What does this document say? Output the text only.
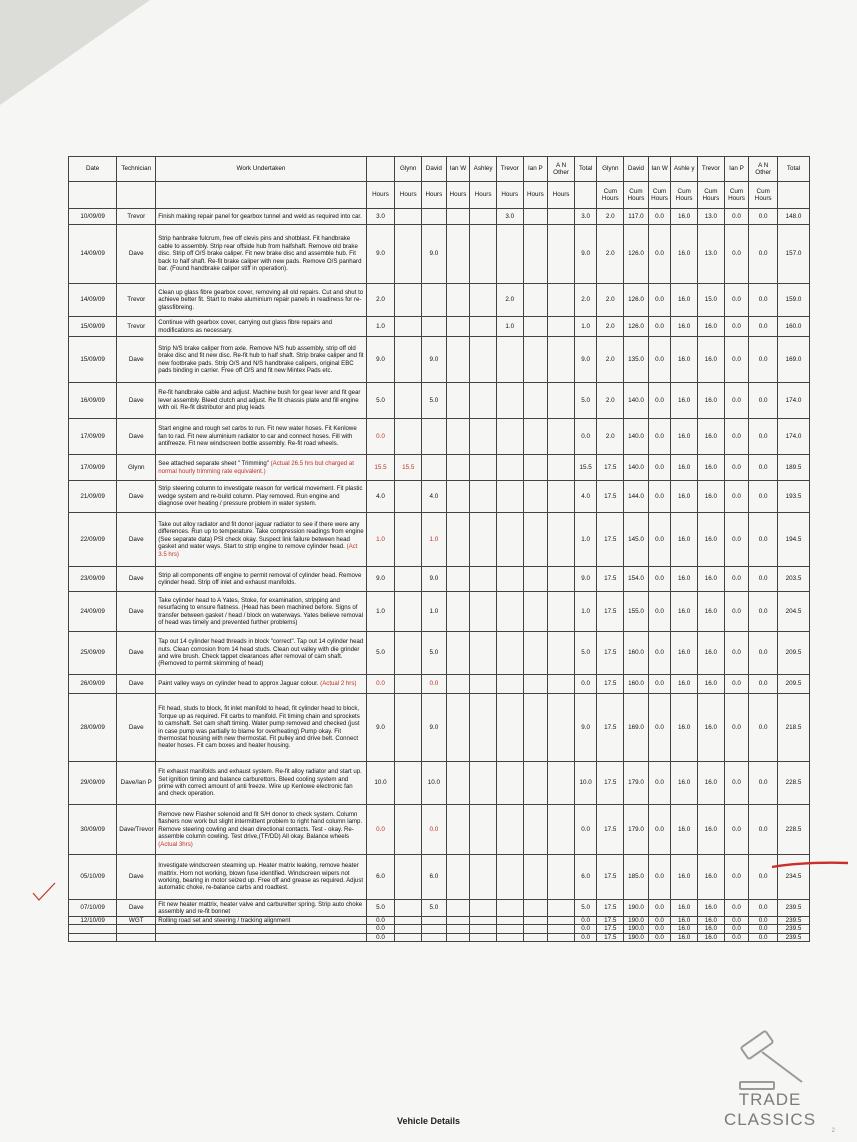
Date	Technician	Work Undertaken		Glynn	David	Ian W	Ashley	Trevor	Ian P	A N Other	Total	Glynn	David	Ian W	Ashle y	Trevor	Ian P	A N Other	Total
			Hours	Hours	Hours	Hours	Hours	Hours	Hours	Hours		Cum Hours	Cum Hours	Cum Hours	Cum Hours	Cum Hours	Cum Hours	Cum Hours	
10/09/09	Trevor	Finish making repair panel for gearbox tunnel and weld as required into car.	3.0					3.0			3.0	2.0	117.0	0.0	16.0	13.0	0.0	0.0	148.0
14/09/09	Dave	Strip hanbrake fulcrum, free off clevis pins and shotblast. Fit handbrake cable to assembly. Strip rear offside hub from halfshaft. Remove old brake disc. Strip off O/S brake caliper. Fit new brake disc and assemble hub. Fit back to half shaft. Re-fit brake caliper with new pads. Remove O/S panhard bar. (Found handbrake caliper stiff in operation).	9.0		9.0						9.0	2.0	126.0	0.0	16.0	13.0	0.0	0.0	157.0
14/09/09	Trevor	Clean up glass fibre gearbox cover, removing all old repairs. Cut and shut to achieve better fit. Start to make aluminium repair panels in readiness for re-glassfibreing.	2.0					2.0			2.0	2.0	126.0	0.0	16.0	15.0	0.0	0.0	159.0
15/09/09	Trevor	Continue with gearbox cover, carrying out glass fibre repairs and modifications as necessary.	1.0					1.0			1.0	2.0	126.0	0.0	16.0	16.0	0.0	0.0	160.0
15/09/09	Dave	Strip N/S brake caliper from axle. Remove N/S hub assembly, strip off old brake disc and fit new disc. Re-fit hub to half shaft. Strip brake caliper and fit new footbrake pads. Strip O/S and N/S handbrake calipers, original EBC pads binding in carrier. Free off O/S and fit new Mintex Pads etc.	9.0		9.0						9.0	2.0	135.0	0.0	16.0	16.0	0.0	0.0	169.0
16/09/09	Dave	Re-fit handbrake cable and adjust. Machine bush for gear lever and fit gear lever assembly. Bleed clutch and adjust. Re fit chassis plate and fill engine with oil. Re-fit distributor and plug leads	5.0		5.0						5.0	2.0	140.0	0.0	16.0	16.0	0.0	0.0	174.0
17/09/09	Dave	Start engine and rough set carbs to run. Fit new water hoses. Fit Kenlowe fan to rad. Fit new aluminium radiator to car and connect hoses. Fill with antifreeze. Fit new windscreen bottle assembly. Re-fit road wheels.	0.0								0.0	2.0	140.0	0.0	16.0	16.0	0.0	0.0	174.0
17/09/09	Glynn	See attached separate sheet " Trimming" (Actual 26.5 hrs but charged at normal hourly trimming rate equivalent.)	15.5	15.5							15.5	17.5	140.0	0.0	16.0	16.0	0.0	0.0	189.5
21/09/09	Dave	Strip steering column to investigate reason for vertical movement. Fit plastic wedge system and re-build column. Play removed. Run engine and diagnose over heating / pressure problem in water system.	4.0		4.0						4.0	17.5	144.0	0.0	16.0	16.0	0.0	0.0	193.5
22/09/09	Dave	Take out alloy radiator and fit donor jaguar radiator to see if there were any differences. Run up to temperature. Take compression readings from engine (See separate data) PSI check okay. Suspect link failure between head gasket and water ways. Start to strip engine to remove cylinder head. (Act 3.5 hrs)	1.0		1.0						1.0	17.5	145.0	0.0	16.0	16.0	0.0	0.0	194.5
23/09/09	Dave	Strip all components off engine to permit removal of cylinder head. Remove cylinder head. Strip off inlet and exhaust manifolds.	9.0		9.0						9.0	17.5	154.0	0.0	16.0	16.0	0.0	0.0	203.5
24/09/09	Dave	Take cylinder head to A Yates, Stoke, for examination, stripping and resurfacing to ensure flatness. (Head has been machined before. Signs of transfer between gasket / head / block on waterways. Yates believe removal of head was timely and prevented further problems)	1.0		1.0						1.0	17.5	155.0	0.0	16.0	16.0	0.0	0.0	204.5
25/09/09	Dave	Tap out 14 cylinder head threads in block "correct". Tap out 14 cylinder head nuts. Clean corrosion from 14 head studs. Clean out valley with die grinder and wire brush. Check tappet clearances after removal of cam shaft. (Removed to permit skimming of head)	5.0		5.0						5.0	17.5	160.0	0.0	16.0	16.0	0.0	0.0	209.5
26/09/09	Dave	Paint valley ways on cylinder head to approx Jaguar colour. (Actual 2 hrs)	0.0		0.0						0.0	17.5	160.0	0.0	16.0	16.0	0.0	0.0	209.5
28/09/09	Dave	Fit head, studs to block, fit inlet manifold to head, fit cylinder head to block, Torque up as required. Fit carbs to manifold. Fit timing chain and sprockets to camshaft. Set cam shaft timing. Water pump removed and checked (just in case pump was partially to blame for overheating) Pump okay. Fit thermostat housing with new thermostat. Fit pulley and drive belt. Connect heater hoses. Fit cam boxes and heater housing.	9.0		9.0						9.0	17.5	169.0	0.0	16.0	16.0	0.0	0.0	218.5
29/09/09	Dave/Ian P	Fit exhaust manifolds and exhaust system. Re-fit alloy radiator and start up. Set ignition timing and balance carburettors. Bleed cooling system and prime with correct amount of anti freeze. Wire up Kenlowe electronic fan and check operation.	10.0		10.0						10.0	17.5	179.0	0.0	16.0	16.0	0.0	0.0	228.5
30/09/09	Dave/Trevor	Remove new Flasher solenoid and fit S/H donor to check system. Column flashers now work but slight intermittent problem to right hand column lamp. Remove steering cowling and clean directional contacts. Test - okay. Re-assemble column cowling. Test drive,(TF/DD) All okay. Balance wheels (Actual 3hrs)	0.0		0.0						0.0	17.5	179.0	0.0	16.0	16.0	0.0	0.0	228.5
05/10/09	Dave	Investigate windscreen steaming up. Heater matrix leaking, remove heater mattrix. Horn not working, blown fuse identified. Windscreen wipers not working, bearing in motor seized up. Free off and grease as required. Adjust automatic choke, re-balance carbs and roadtest.	6.0		6.0						6.0	17.5	185.0	0.0	16.0	16.0	0.0	0.0	234.5
07/10/09	Dave	Fit new heater mattrix, heater valve and carburetter spring. Strip auto choke assembly and re-fit bonnet	5.0		5.0						5.0	17.5	190.0	0.0	16.0	16.0	0.0	0.0	239.5
12/10/09	WGT	Rolling road set and steering / tracking alignment	0.0								0.0	17.5	190.0	0.0	16.0	16.0	0.0	0.0	239.5
			0.0								0.0	17.5	190.0	0.0	16.0	16.0	0.0	0.0	239.5
			0.0								0.0	17.5	190.0	0.0	16.0	16.0	0.0	0.0	239.5
TRADE CLASSICS
Vehicle Details
2
